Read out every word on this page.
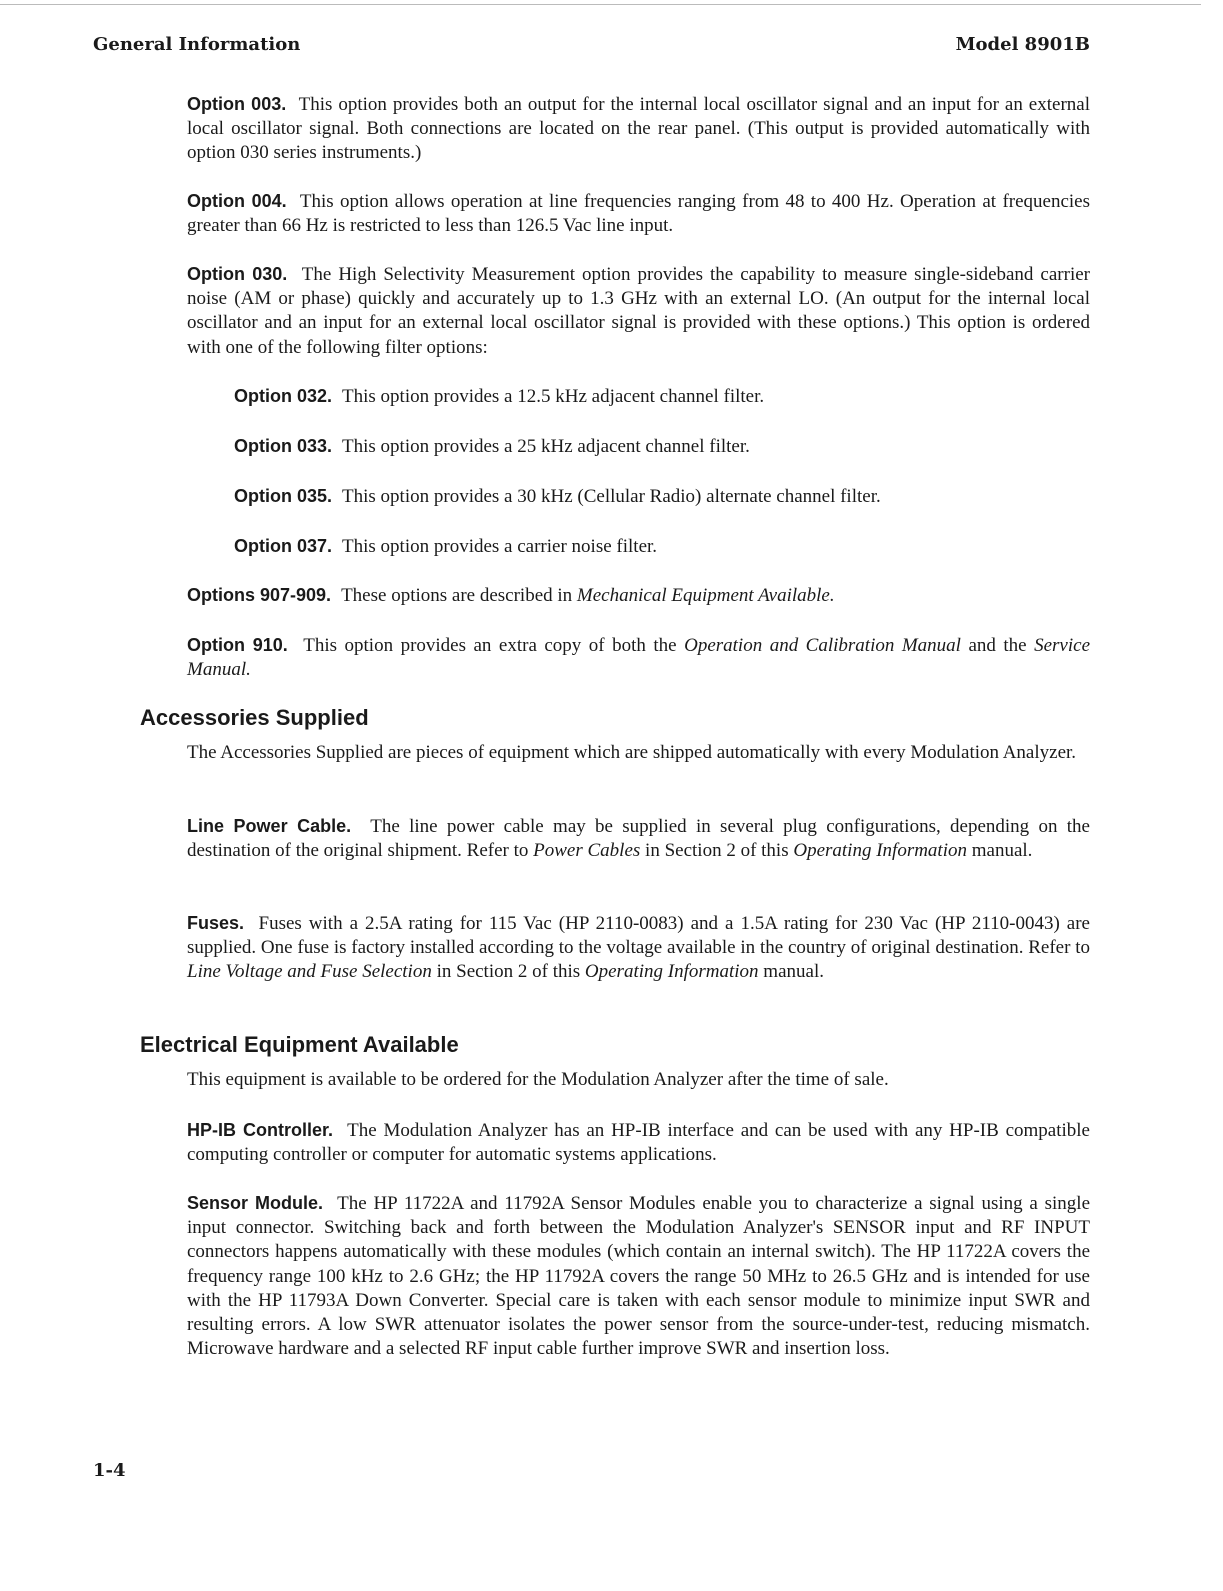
General Information	Model 8901B

Option 003. This option provides both an output for the internal local oscillator signal and an input for an external local oscillator signal. Both connections are located on the rear panel. (This output is provided automatically with option 030 series instruments.)

Option 004. This option allows operation at line frequencies ranging from 48 to 400 Hz. Operation at frequencies greater than 66 Hz is restricted to less than 126.5 Vac line input.

Option 030. The High Selectivity Measurement option provides the capability to measure single-sideband carrier noise (AM or phase) quickly and accurately up to 1.3 GHz with an external LO. (An output for the internal local oscillator and an input for an external local oscillator signal is provided with these options.) This option is ordered with one of the following filter options:

Option 032. This option provides a 12.5 kHz adjacent channel filter.

Option 033. This option provides a 25 kHz adjacent channel filter.

Option 035. This option provides a 30 kHz (Cellular Radio) alternate channel filter.

Option 037. This option provides a carrier noise filter.

Options 907-909. These options are described in Mechanical Equipment Available.

Option 910. This option provides an extra copy of both the Operation and Calibration Manual and the Service Manual.

Accessories Supplied

The Accessories Supplied are pieces of equipment which are shipped automatically with every Modulation Analyzer.

Line Power Cable. The line power cable may be supplied in several plug configurations, depending on the destination of the original shipment. Refer to Power Cables in Section 2 of this Operating Information manual.

Fuses. Fuses with a 2.5A rating for 115 Vac (HP 2110-0083) and a 1.5A rating for 230 Vac (HP 2110-0043) are supplied. One fuse is factory installed according to the voltage available in the country of original destination. Refer to Line Voltage and Fuse Selection in Section 2 of this Operating Information manual.

Electrical Equipment Available

This equipment is available to be ordered for the Modulation Analyzer after the time of sale.

HP-IB Controller. The Modulation Analyzer has an HP-IB interface and can be used with any HP-IB compatible computing controller or computer for automatic systems applications.

Sensor Module. The HP 11722A and 11792A Sensor Modules enable you to characterize a signal using a single input connector. Switching back and forth between the Modulation Analyzer's SENSOR input and RF INPUT connectors happens automatically with these modules (which contain an internal switch). The HP 11722A covers the frequency range 100 kHz to 2.6 GHz; the HP 11792A covers the range 50 MHz to 26.5 GHz and is intended for use with the HP 11793A Down Converter. Special care is taken with each sensor module to minimize input SWR and resulting errors. A low SWR attenuator isolates the power sensor from the source-under-test, reducing mismatch. Microwave hardware and a selected RF input cable further improve SWR and insertion loss.

1-4
